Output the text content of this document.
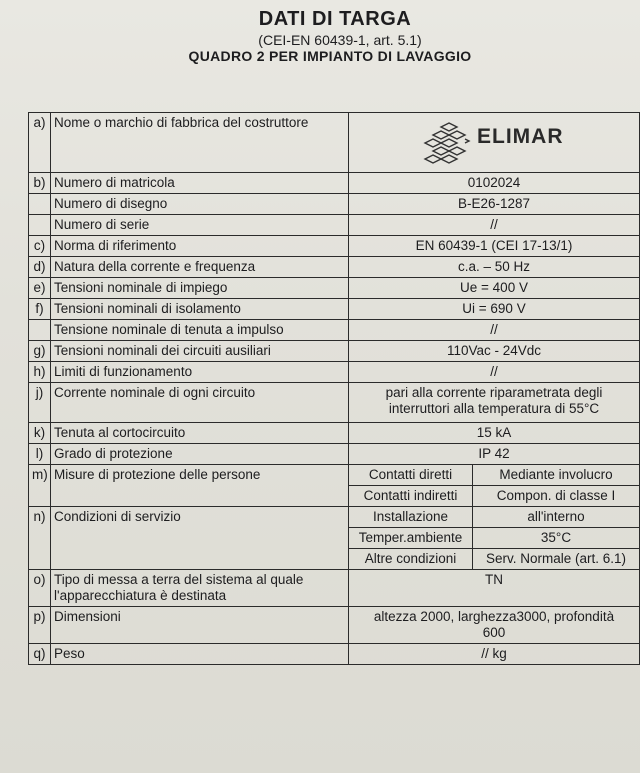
DATI DI TARGA
(CEI-EN 60439-1, art. 5.1)
QUADRO 2 PER IMPIANTO DI LAVAGGIO
a)	Nome o marchio di fabbrica del costruttore	ELIMAR	

b)	Numero di matricola	0102024	
	Numero di disegno	B-E26-1287	
	Numero di serie	//	
c)	Norma di riferimento	EN 60439-1 (CEI 17-13/1)	
d)	Natura della corrente e frequenza	c.a. – 50 Hz	
e)	Tensioni nominale di impiego	Ue = 400 V	
f)	Tensioni nominali di isolamento	Ui = 690 V	
	Tensione nominale di tenuta a impulso	//	
g)	Tensioni nominali dei circuiti ausiliari	110Vac - 24Vdc	
h)	Limiti di funzionamento	//	
j)	Corrente nominale di ogni circuito	pari alla corrente riparametrata degli
interruttori alla temperatura di 55°C	

k)	Tenuta al cortocircuito	15 kA	
l)	Grado di protezione	IP 42	
m)	Misure di protezione delle persone	Contatti diretti	Mediante involucro
		Contatti indiretti	Compon. di classe I
n)	Condizioni di servizio	Installazione	all'interno
		Temper.ambiente	35°C
		Altre condizioni	Serv. Normale (art. 6.1)
o)	Tipo di messa a terra del sistema al quale
l'apparecchiatura è destinata	TN	
p)	Dimensioni	altezza 2000, larghezza3000, profondità
600	

q)	Peso	// kg	
